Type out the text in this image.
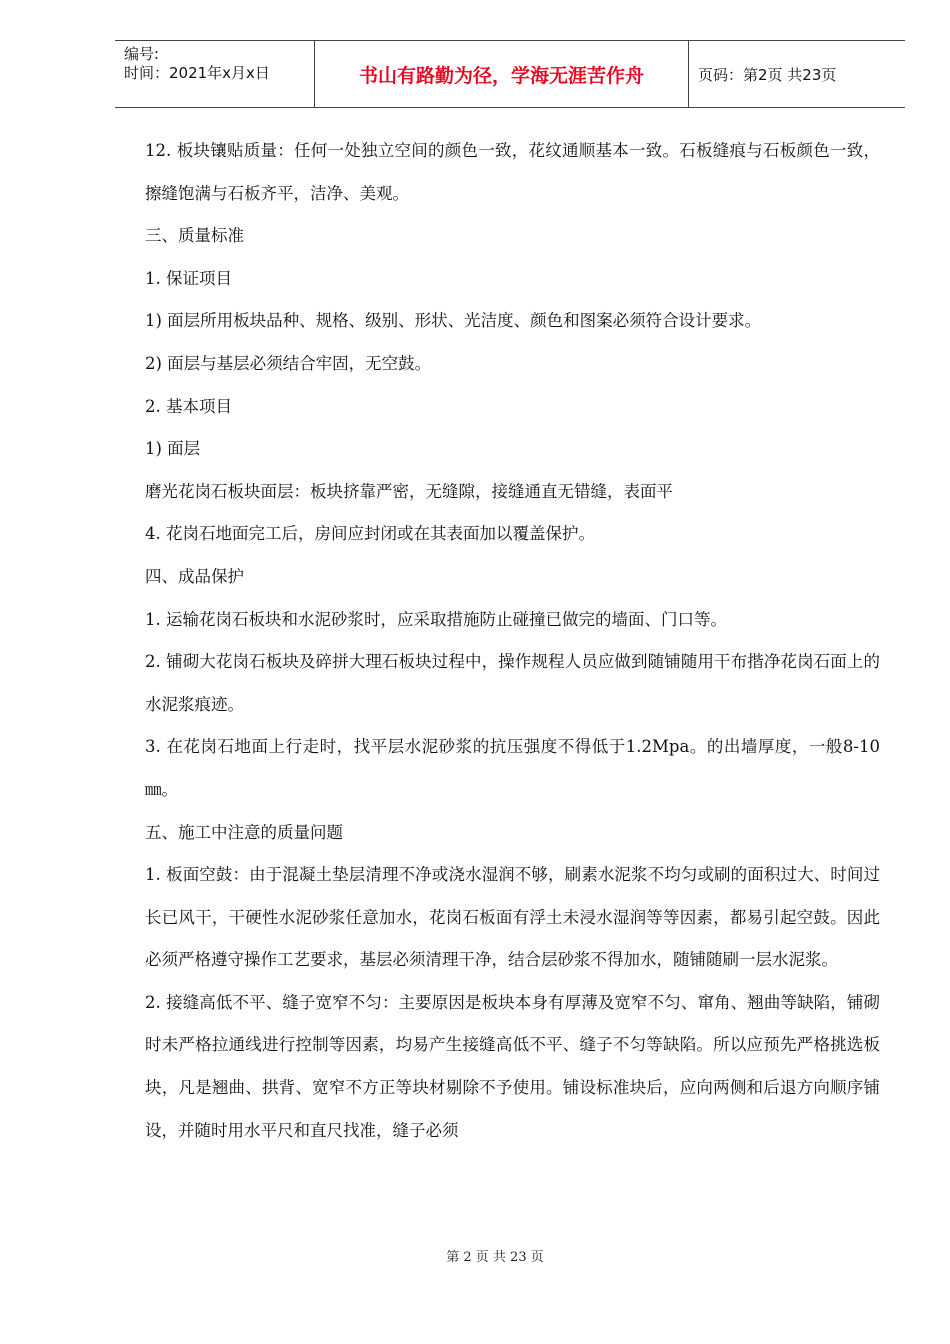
编号:
时间：2021年x月x日	书山有路勤为径，学海无涯苦作舟	页码：第2页 共23页

12. 板块镶贴质量：任何一处独立空间的颜色一致，花纹通顺基本一致。石板缝痕与石板颜色一致，擦缝饱满与石板齐平，洁净、美观。

三、质量标准

1. 保证项目

1) 面层所用板块品种、规格、级别、形状、光洁度、颜色和图案必须符合设计要求。

2) 面层与基层必须结合牢固，无空鼓。

2. 基本项目

1) 面层

磨光花岗石板块面层：板块挤靠严密，无缝隙，接缝通直无错缝，表面平

4. 花岗石地面完工后，房间应封闭或在其表面加以覆盖保护。

四、成品保护

1. 运输花岗石板块和水泥砂浆时，应采取措施防止碰撞已做完的墙面、门口等。

2. 铺砌大花岗石板块及碎拼大理石板块过程中，操作规程人员应做到随铺随用干布揩净花岗石面上的水泥浆痕迹。

3. 在花岗石地面上行走时，找平层水泥砂浆的抗压强度不得低于1.2Mpa。的出墙厚度，一般8-10㎜。

五、施工中注意的质量问题

1. 板面空鼓：由于混凝土垫层清理不净或浇水湿润不够，刷素水泥浆不均匀或刷的面积过大、时间过长已风干，干硬性水泥砂浆任意加水，花岗石板面有浮土未浸水湿润等等因素，都易引起空鼓。因此必须严格遵守操作工艺要求，基层必须清理干净，结合层砂浆不得加水，随铺随刷一层水泥浆。

2. 接缝高低不平、缝子宽窄不匀：主要原因是板块本身有厚薄及宽窄不匀、窜角、翘曲等缺陷，铺砌时未严格拉通线进行控制等因素，均易产生接缝高低不平、缝子不匀等缺陷。所以应预先严格挑选板块，凡是翘曲、拱背、宽窄不方正等块材剔除不予使用。铺设标准块后，应向两侧和后退方向顺序铺设，并随时用水平尺和直尺找准，缝子必须

第 2 页 共 23 页
